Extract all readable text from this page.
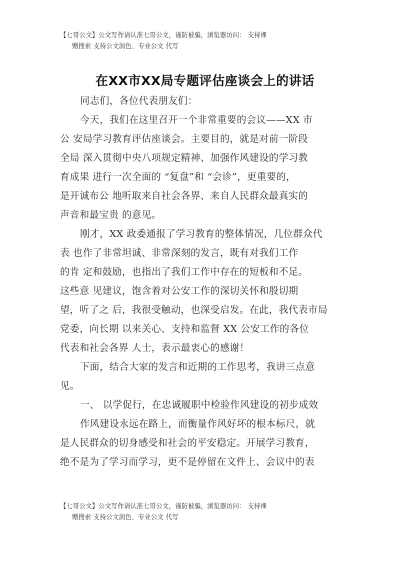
【七哥公文】公文写作请认准七哥公文，谨防被骗，浏览器访问： 支持裸
赠搜索 支持公文润色、专业公文 代写
在XX市XX局专题评估座谈会上的讲话
同志们，各位代表朋友们：
今天，我们在这里召开一个非常重要的会议——XX 市
公 安局学习教育评估座谈会。主要目的，就是对前一阶段
全局 深入贯彻中央八项规定精神、加强作风建设的学习教
育成果 进行一次全面的 “复盘”和 “会诊”，更重要的，
是开诚布公 地听取来自社会各界、来自人民群众最真实的
声音和最宝贵 的意见。
刚才，XX 政委通报了学习教育的整体情况，几位群众代
表 也作了非常坦诚、非常深刻的发言，既有对我们工作
的肯 定和鼓励，也指出了我们工作中存在的短板和不足。
这些意 见建议，饱含着对公安工作的深切关怀和殷切期
望，听了之 后，我很受触动，也深受启发。在此，我代表市局
党委，向长期 以来关心、支持和监督 XX 公安工作的各位
代表和社会各界 人士，表示最衷心的感谢！
下面，结合大家的发言和近期的工作思考，我讲三点意
见。
一、 以学促行，在忠诚履职中检验作风建设的初步成效
作风建设永远在路上，而衡量作风好坏的根本标尺，就
是人民群众的切身感受和社会的平安稳定。开展学习教育，
绝不是为了学习而学习，更不是停留在文件上、会议中的表
【七哥公文】公文写作请认准七哥公文，谨防被骗，浏览器访问： 支持裸
赠搜索 支持公文润色、专业公文 代写
